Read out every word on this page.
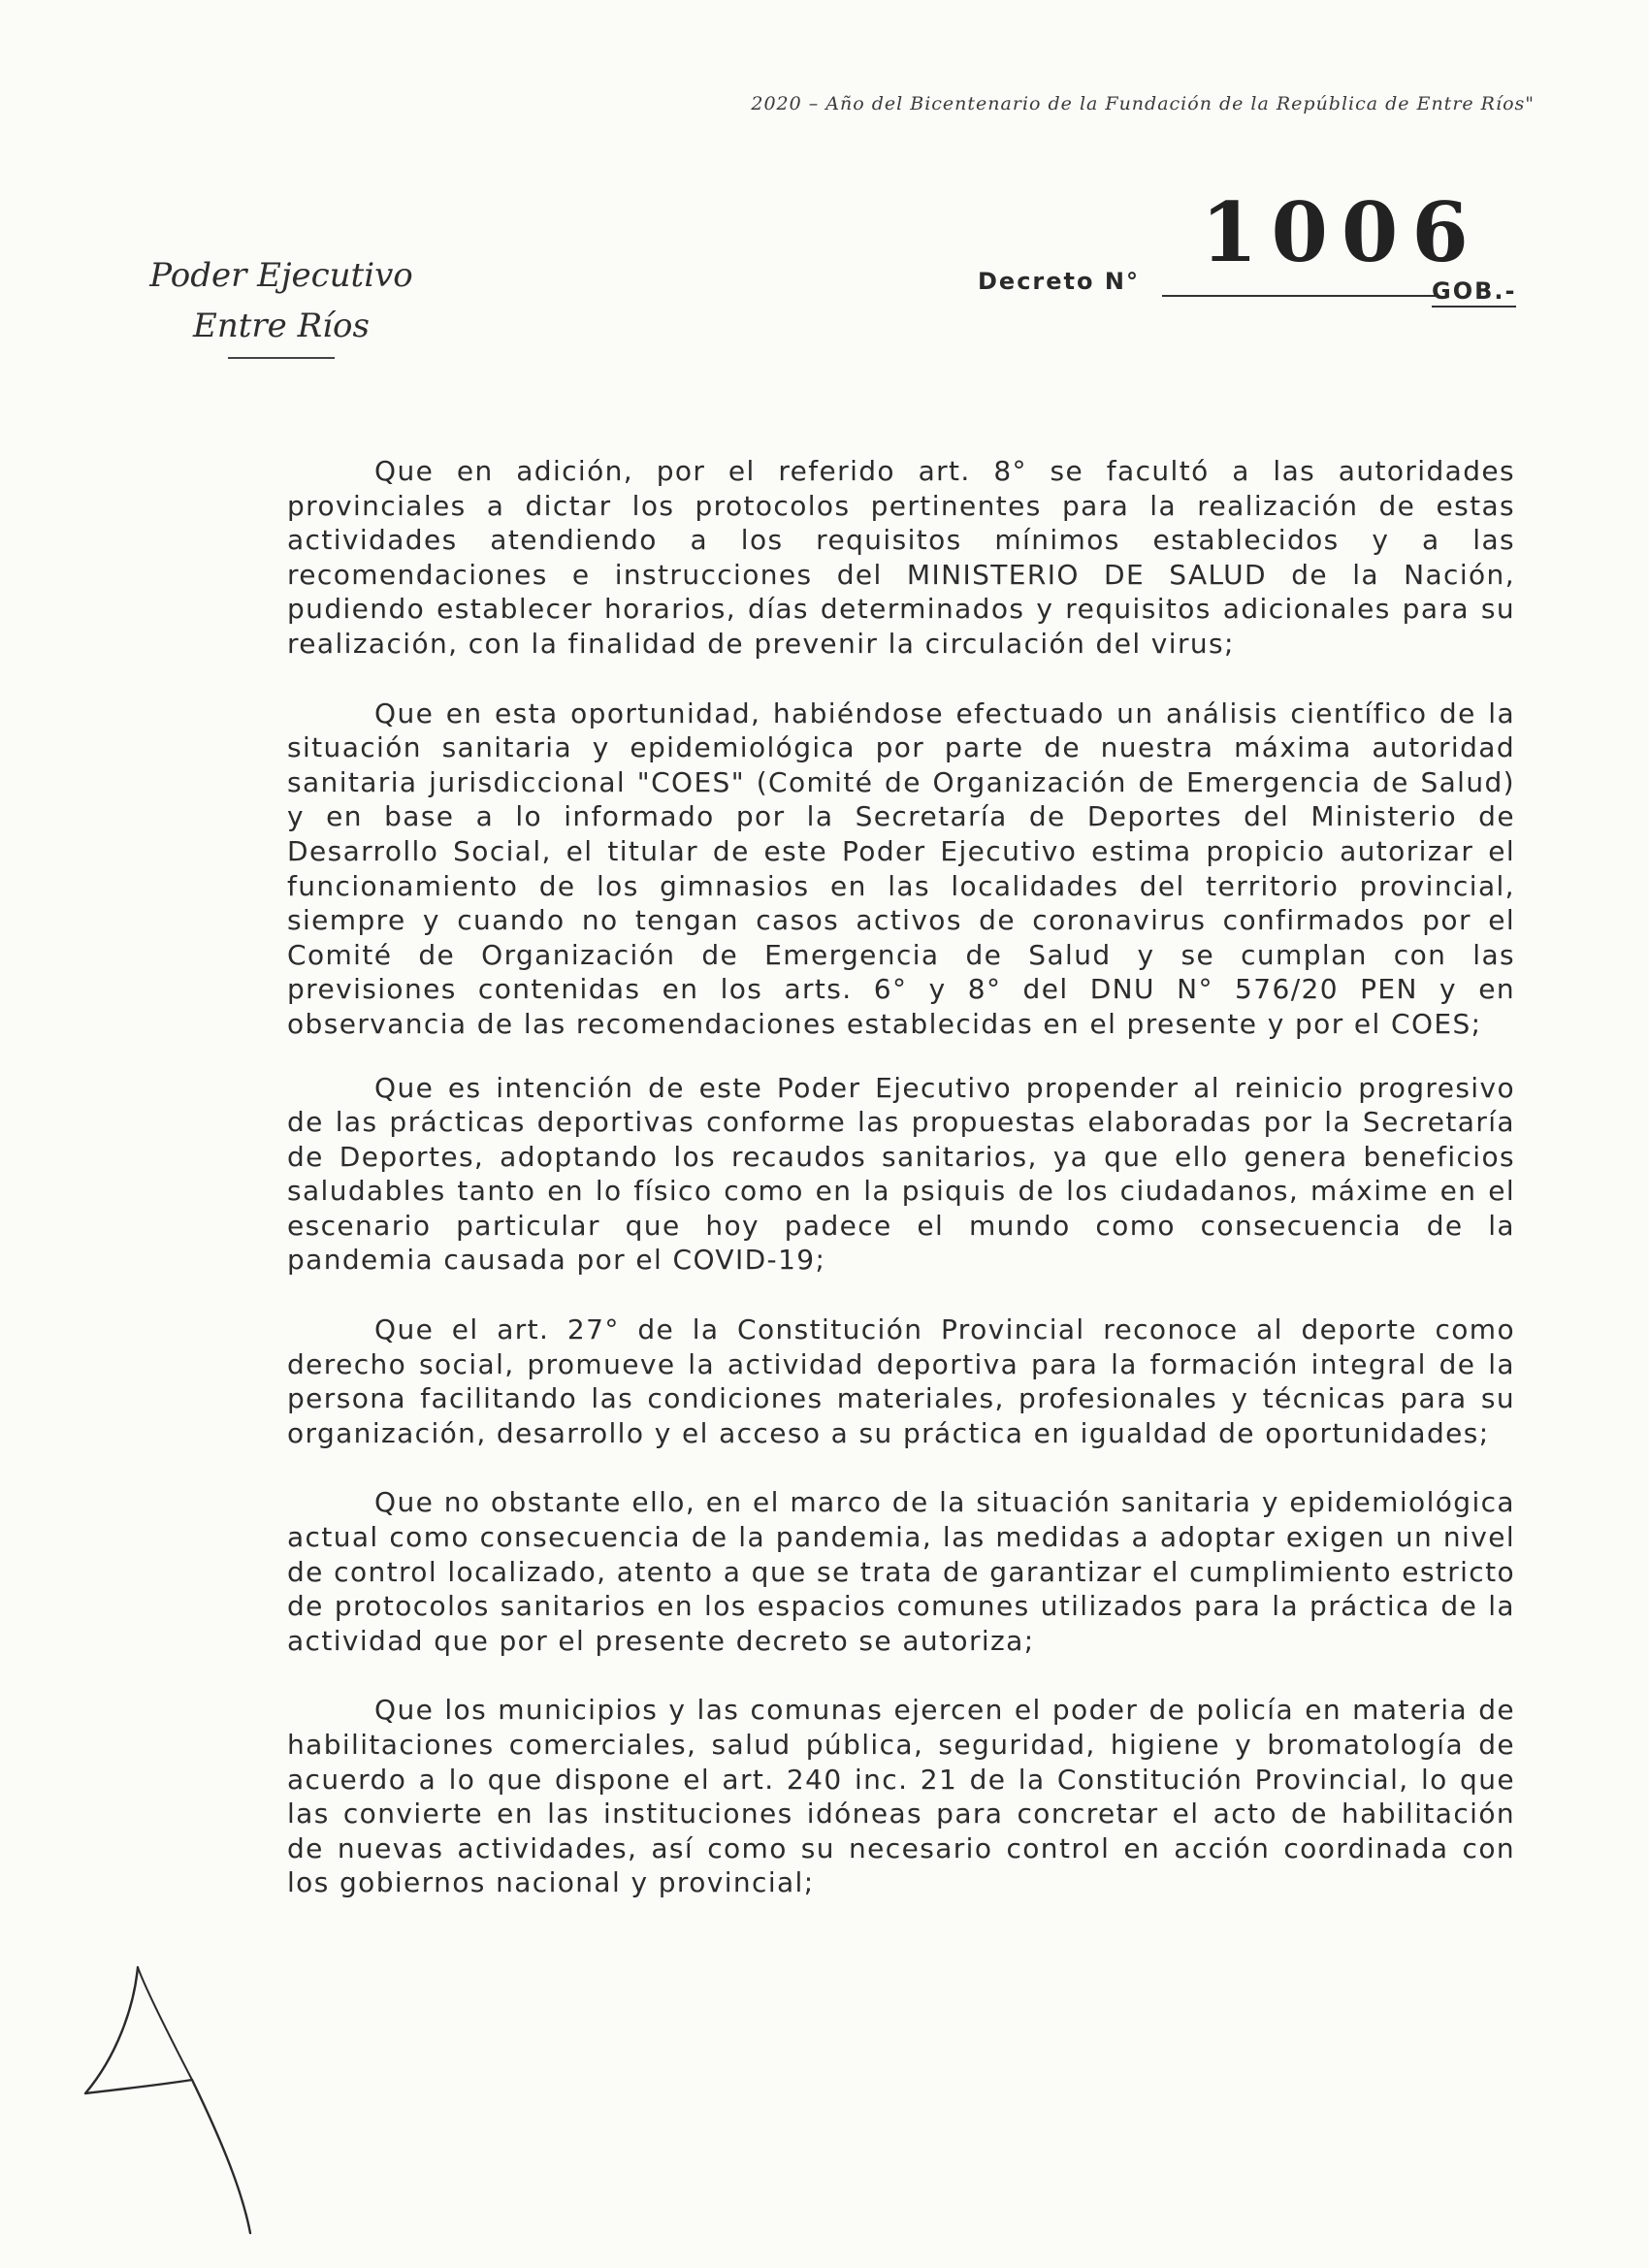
2020 – Año del Bicentenario de la Fundación de la República de Entre Ríos"
Poder Ejecutivo
Entre Ríos
Decreto N°
1006
GOB.-

Que en adición, por el referido art. 8° se facultó a las autoridades provinciales a dictar los protocolos pertinentes para la realización de estas actividades atendiendo a los requisitos mínimos establecidos y a las recomendaciones e instrucciones del MINISTERIO DE SALUD de la Nación, pudiendo establecer horarios, días determinados y requisitos adicionales para su realización, con la finalidad de prevenir la circulación del virus;

Que en esta oportunidad, habiéndose efectuado un análisis científico de la situación sanitaria y epidemiológica por parte de nuestra máxima autoridad sanitaria jurisdiccional "COES" (Comité de Organización de Emergencia de Salud) y en base a lo informado por la Secretaría de Deportes del Ministerio de Desarrollo Social, el titular de este Poder Ejecutivo estima propicio autorizar el funcionamiento de los gimnasios en las localidades del territorio provincial, siempre y cuando no tengan casos activos de coronavirus confirmados por el Comité de Organización de Emergencia de Salud y se cumplan con las previsiones contenidas en los arts. 6° y 8° del DNU N° 576/20 PEN y en observancia de las recomendaciones establecidas en el presente y por el COES;

Que es intención de este Poder Ejecutivo propender al reinicio progresivo de las prácticas deportivas conforme las propuestas elaboradas por la Secretaría de Deportes, adoptando los recaudos sanitarios, ya que ello genera beneficios saludables tanto en lo físico como en la psiquis de los ciudadanos, máxime en el escenario particular que hoy padece el mundo como consecuencia de la pandemia causada por el COVID-19;

Que el art. 27° de la Constitución Provincial reconoce al deporte como derecho social, promueve la actividad deportiva para la formación integral de la persona facilitando las condiciones materiales, profesionales y técnicas para su organización, desarrollo y el acceso a su práctica en igualdad de oportunidades;

Que no obstante ello, en el marco de la situación sanitaria y epidemiológica actual como consecuencia de la pandemia, las medidas a adoptar exigen un nivel de control localizado, atento a que se trata de garantizar el cumplimiento estricto de protocolos sanitarios en los espacios comunes utilizados para la práctica de la actividad que por el presente decreto se autoriza;

Que los municipios y las comunas ejercen el poder de policía en materia de habilitaciones comerciales, salud pública, seguridad, higiene y bromatología de acuerdo a lo que dispone el art. 240 inc. 21 de la Constitución Provincial, lo que las convierte en las instituciones idóneas para concretar el acto de habilitación de nuevas actividades, así como su necesario control en acción coordinada con los gobiernos nacional y provincial;
